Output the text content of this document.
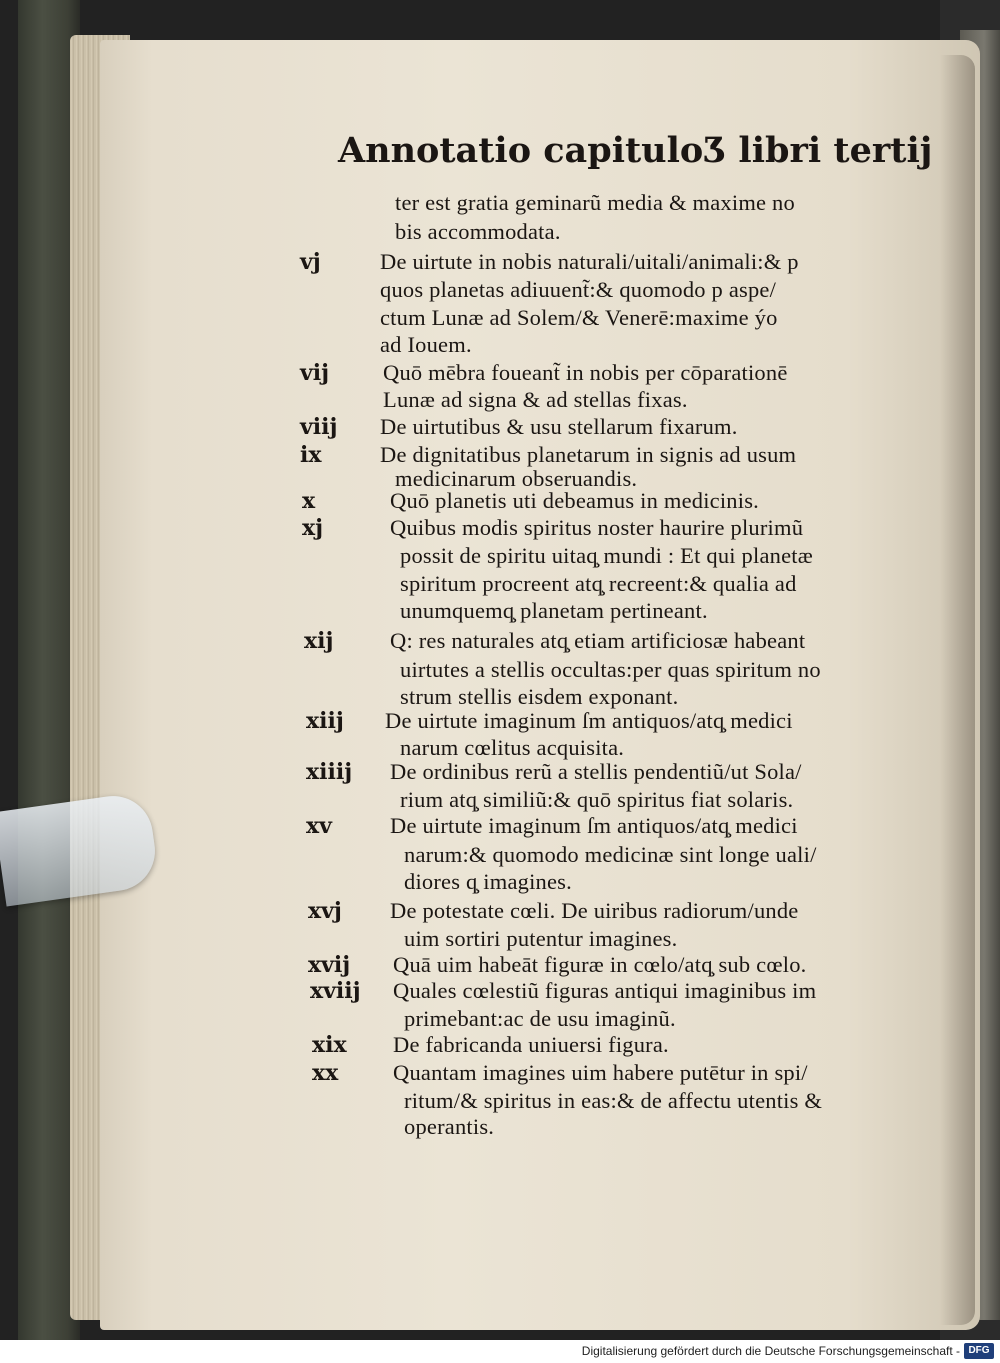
Annotatio capituloƷ libri tertij
ter est gratia geminarũ media & maxime no
bis accommodata.
vj	De uirtute in nobis naturali/uitali/animali:& p
quos planetas adiuuent̃:& quomodo p aspe/
ctum Lunæ ad Solem/& Venerē:maxime ýo
ad Iouem.
vij Quō mēbra foueant̃ in nobis per cōparationē
Lunæ ad signa & ad stellas fixas.
viij De uirtutibus & usu stellarum fixarum.
ix	De dignitatibus planetarum in signis ad usum
medicinarum obseruandis.
x	Quō planetis uti debeamus in medicinis.
xj	Quibus modis spiritus noster haurire plurimũ
possit de spiritu uitaq̧ mundi : Et qui planetæ
spiritum procreent atq̧ recreent:& qualia ad
unumquemq̧ planetam pertineant.
xij	Q: res naturales atq̧ etiam artificiosæ habeant
uirtutes a stellis occultas:per quas spiritum no
strum stellis eisdem exponant.
xiij De uirtute imaginum ſm antiquos/atq̧ medici
narum cœlitus acquisita.
xiiij De ordinibus rerũ a stellis pendentiũ/ut Sola/
rium atq̧ similiũ:& quō spiritus fiat solaris.
xv	De uirtute imaginum ſm antiquos/atq̧ medici
narum:& quomodo medicinæ sint longe uali/
diores q̧ imagines.
xvj De potestate cœli. De uiribus radiorum/unde
uim sortiri putentur imagines.
xvij Quā uim habeāt figuræ in cœlo/atq̧ sub cœlo.
xviij Quales cœlestiũ figuras antiqui imaginibus im
primebant:ac de usu imaginũ.
xix De fabricanda uniuersi figura.
xx Quantam imagines uim habere putētur in spi/
ritum/& spiritus in eas:& de affectu utentis &
operantis.
Digitalisierung gefördert durch die Deutsche Forschungsgemeinschaft - DFG
